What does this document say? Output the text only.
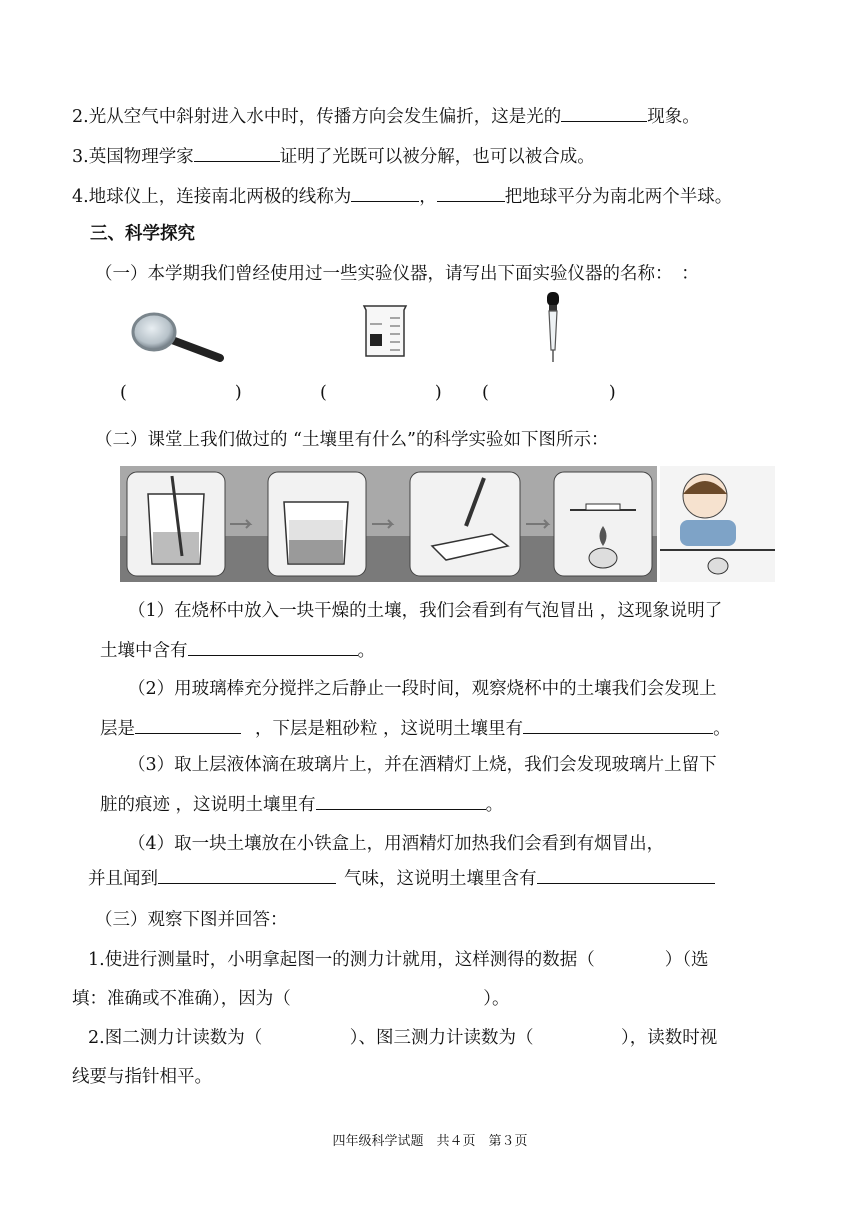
2.光从空气中斜射进入水中时，传播方向会发生偏折，这是光的	现象。
3.英国物理学家	证明了光既可以被分解，也可以被合成。
4.地球仪上，连接南北两极的线称为	，	把地球平分为南北两个半球。
三、科学探究
（一）本学期我们曾经使用过一些实验仪器，请写出下面实验仪器的名称：　：
(	)	(	) (	)
（二）课堂上我们做过的 “土壤里有什么”的科学实验如下图所示：
（1）在烧杯中放入一块干燥的土壤，我们会看到有气泡冒出 ，这现象说明了
土壤中含有	。
（2）用玻璃棒充分搅拌之后静止一段时间，观察烧杯中的土壤我们会发现上
层是	，下层是粗砂粒 ，这说明土壤里有	。
（3）取上层液体滴在玻璃片上，并在酒精灯上烧，我们会发现玻璃片上留下
脏的痕迹 ，这说明土壤里有	。
（4）取一块土壤放在小铁盒上，用酒精灯加热我们会看到有烟冒出，
并且闻到	气味，这说明土壤里含有
（三）观察下图并回答：
1.使进行测量时，小明拿起图一的测力计就用，这样测得的数据（　　　　）（选
填：准确或不准确），因为（　　　　　　　　　　　）。
2.图二测力计读数为（　　　　　）、图三测力计读数为（　　　　　），读数时视
线要与指针相平。
四年级科学试题　共４页　第３页
